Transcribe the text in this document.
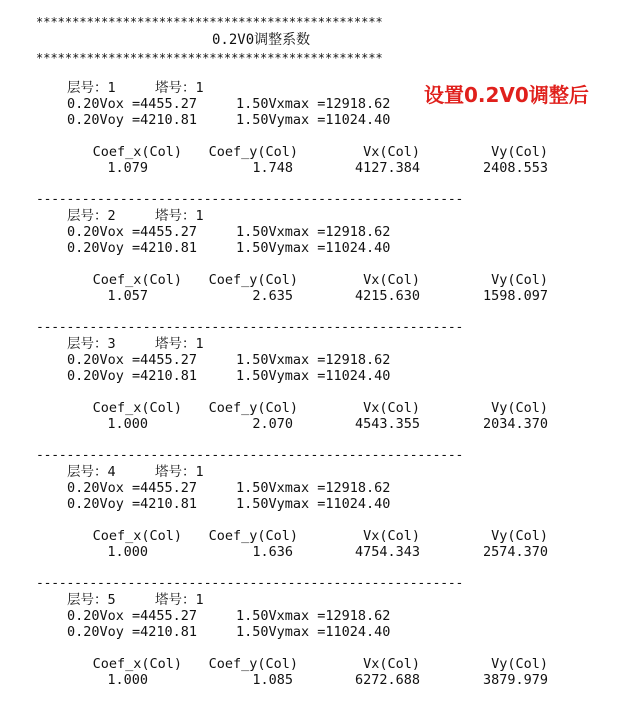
************************************************
0.2V0调整系数
************************************************
设置0.2V0调整后
层号：1	塔号：1
0.20Vox =4455.27	1.50Vxmax =12918.62
0.20Voy =4210.81	1.50Vymax =11024.40
Coef_x(Col)	Coef_y(Col)	Vx(Col)	Vy(Col)
1.079	1.748	4127.384	2408.553
层号：2	塔号：1
0.20Vox =4455.27	1.50Vxmax =12918.62
0.20Voy =4210.81	1.50Vymax =11024.40
Coef_x(Col)	Coef_y(Col)	Vx(Col)	Vy(Col)
1.057	2.635	4215.630	1598.097
层号：3	塔号：1
0.20Vox =4455.27	1.50Vxmax =12918.62
0.20Voy =4210.81	1.50Vymax =11024.40
Coef_x(Col)	Coef_y(Col)	Vx(Col)	Vy(Col)
1.000	2.070	4543.355	2034.370
层号：4	塔号：1
0.20Vox =4455.27	1.50Vxmax =12918.62
0.20Voy =4210.81	1.50Vymax =11024.40
Coef_x(Col)	Coef_y(Col)	Vx(Col)	Vy(Col)
1.000	1.636	4754.343	2574.370
层号：5	塔号：1
0.20Vox =4455.27	1.50Vxmax =12918.62
0.20Voy =4210.81	1.50Vymax =11024.40
Coef_x(Col)	Coef_y(Col)	Vx(Col)	Vy(Col)
1.000	1.085	6272.688	3879.979
--------------------------------------------------------
--------------------------------------------------------
--------------------------------------------------------
--------------------------------------------------------
